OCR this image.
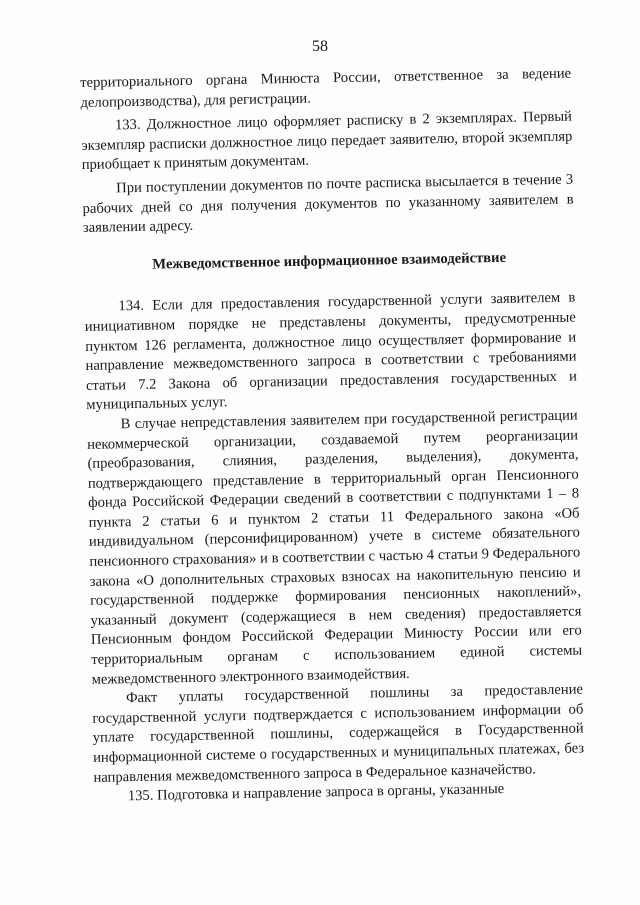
58

территориального органа Минюста России, ответственное за ведение делопроизводства), для регистрации.

133. Должностное лицо оформляет расписку в 2 экземплярах. Первый экземпляр расписки должностное лицо передает заявителю, второй экземпляр приобщает к принятым документам.

При поступлении документов по почте расписка высылается в течение 3 рабочих дней со дня получения документов по указанному заявителем в заявлении адресу.

Межведомственное информационное взаимодействие

134. Если для предоставления государственной услуги заявителем в инициативном порядке не представлены документы, предусмотренные пунктом 126 регламента, должностное лицо осуществляет формирование и направление межведомственного запроса в соответствии с требованиями статьи 7.2 Закона об организации предоставления государственных и муниципальных услуг.

В случае непредставления заявителем при государственной регистрации некоммерческой организации, создаваемой путем реорганизации (преобразования, слияния, разделения, выделения), документа, подтверждающего представление в территориальный орган Пенсионного фонда Российской Федерации сведений в соответствии с подпунктами 1 – 8 пункта 2 статьи 6 и пунктом 2 статьи 11 Федерального закона «Об индивидуальном (персонифицированном) учете в системе обязательного пенсионного страхования» и в соответствии с частью 4 статьи 9 Федерального закона «О дополнительных страховых взносах на накопительную пенсию и государственной поддержке формирования пенсионных накоплений», указанный документ (содержащиеся в нем сведения) предоставляется Пенсионным фондом Российской Федерации Минюсту России или его территориальным органам с использованием единой системы межведомственного электронного взаимодействия.

Факт уплаты государственной пошлины за предоставление государственной услуги подтверждается с использованием информации об уплате государственной пошлины, содержащейся в Государственной информационной системе о государственных и муниципальных платежах, без направления межведомственного запроса в Федеральное казначейство.

135. Подготовка и направление запроса в органы, указанные
